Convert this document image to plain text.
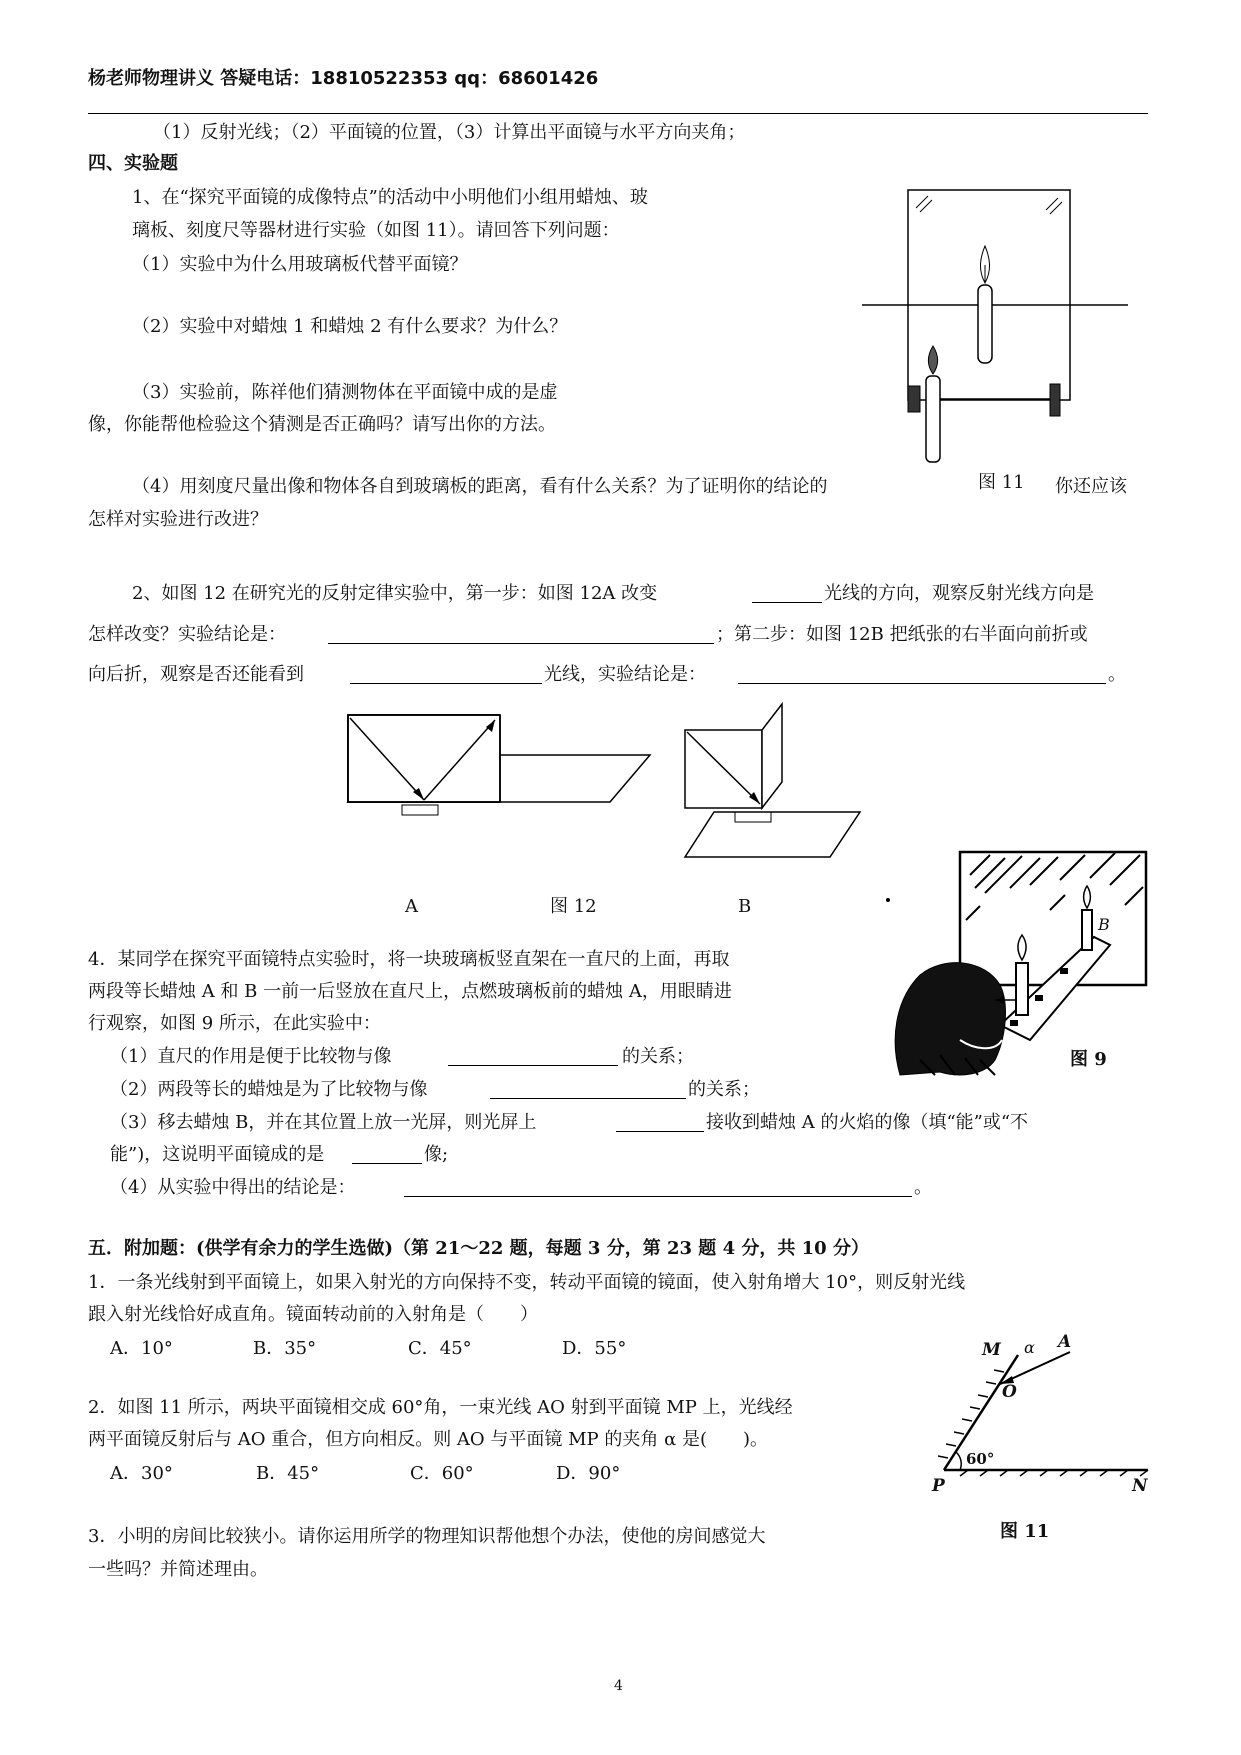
杨老师物理讲义 答疑电话：18810522353 qq：68601426
（1）反射光线；（2）平面镜的位置，（3）计算出平面镜与水平方向夹角；
四、实验题
1、在“探究平面镜的成像特点”的活动中小明他们小组用蜡烛、玻
璃板、刻度尺等器材进行实验（如图 11）。请回答下列问题：
（1）实验中为什么用玻璃板代替平面镜？
（2）实验中对蜡烛 1 和蜡烛 2 有什么要求？为什么？
（3）实验前，陈祥他们猜测物体在平面镜中成的是虚
像，你能帮他检验这个猜测是否正确吗？请写出你的方法。
（4）用刻度尺量出像和物体各自到玻璃板的距离，看有什么关系？为了证明你的结论的	你还应该
怎样对实验进行改进？
图 11
2、如图 12 在研究光的反射定律实验中，第一步：如图 12A 改变	光线的方向，观察反射光线方向是
怎样改变？实验结论是：	；第二步：如图 12B 把纸张的右半面向前折或
向后折，观察是否还能看到	光线，实验结论是：	。
A	图 12	B
A
B
图 9
4．某同学在探究平面镜特点实验时，将一块玻璃板竖直架在一直尺的上面，再取
两段等长蜡烛 A 和 B 一前一后竖放在直尺上，点燃玻璃板前的蜡烛 A，用眼睛进
行观察，如图 9 所示，在此实验中：
（1）直尺的作用是便于比较物与像	的关系；
（2）两段等长的蜡烛是为了比较物与像	的关系；
（3）移去蜡烛 B，并在其位置上放一光屏，则光屏上	接收到蜡烛 A 的火焰的像（填“能”或“不
能”)，这说明平面镜成的是	像;
（4）从实验中得出的结论是：	。
五．附加题：(供学有余力的学生选做)（第 21～22 题，每题 3 分，第 23 题 4 分，共 10 分）
1．一条光线射到平面镜上，如果入射光的方向保持不变，转动平面镜的镜面，使入射角增大 10°，则反射光线
跟入射光线恰好成直角。镜面转动前的入射角是（　　）
A．10°	B．35°	C．45°	D．55°
2．如图 11 所示，两块平面镜相交成 60°角，一束光线 AO 射到平面镜 MP 上，光线经
两平面镜反射后与 AO 重合，但方向相反。则 AO 与平面镜 MP 的夹角 α 是(　　)。
A．30°	B．45°	C．60°	D．90°
M α A
O
60°
P	N
图 11
3．小明的房间比较狭小。请你运用所学的物理知识帮他想个办法，使他的房间感觉大
一些吗？并简述理由。
4
